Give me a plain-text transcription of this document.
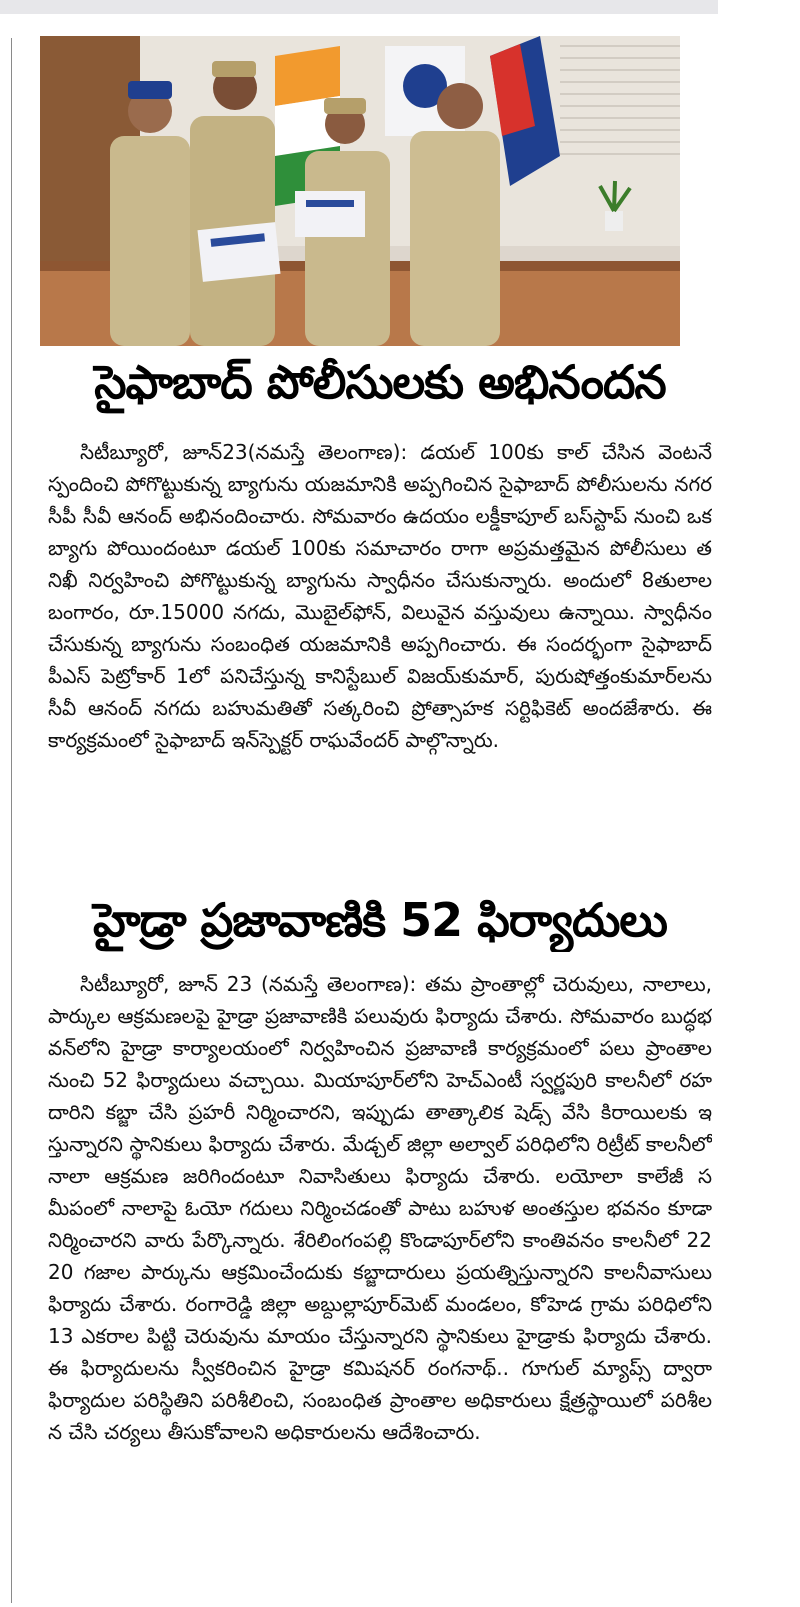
సైఫాబాద్ పోలీసులకు అభినందన
సిటీబ్యూరో, జూన్23(నమస్తే తెలంగాణ): డయల్ 100కు కాల్ చేసిన వెంటనే స్పందించి పోగొట్టుకున్న బ్యాగును యజమానికి అప్పగించిన సైఫాబాద్ పోలీసులను నగర సీపీ సీవీ ఆనంద్ అభినందించారు. సోమవారం ఉదయం లక్డీకాపూల్ బస్‌స్టాప్ నుంచి ఒక బ్యాగు పోయిందంటూ డయల్ 100కు సమాచారం రాగా అప్రమత్తమైన పోలీసులు తనిఖీ నిర్వహించి పోగొట్టుకున్న బ్యాగును స్వాధీనం చేసుకున్నారు. అందులో 8తులాల బంగారం, రూ.15000 నగదు, మొబైల్‌ఫోన్, విలువైన వస్తువులు ఉన్నాయి. స్వాధీనం చేసుకున్న బ్యాగును సంబంధిత యజమానికి అప్పగించారు. ఈ సందర్భంగా సైఫాబాద్ పీఎస్ పెట్రోకార్ 1లో పనిచేస్తున్న కానిస్టేబుల్ విజయ్‌కుమార్, పురుషోత్తంకుమార్‌లను సీవీ ఆనంద్ నగదు బహుమతితో సత్కరించి ప్రోత్సాహక సర్టిఫికెట్ అందజేశారు. ఈ కార్యక్రమంలో సైఫాబాద్ ఇన్‌స్పెక్టర్ రాఘవేందర్ పాల్గొన్నారు.
హైడ్రా ప్రజావాణికి 52 ఫిర్యాదులు
సిటీబ్యూరో, జూన్ 23 (నమస్తే తెలంగాణ): తమ ప్రాంతాల్లో చెరువులు, నాలాలు, పార్కుల ఆక్రమణలపై హైడ్రా ప్రజావాణికి పలువురు ఫిర్యాదు చేశారు. సోమవారం బుద్ధభవన్‌లోని హైడ్రా కార్యాలయంలో నిర్వహించిన ప్రజావాణి కార్యక్రమంలో పలు ప్రాంతాల నుంచి 52 ఫిర్యాదులు వచ్చాయి. మియాపూర్‌లోని హెచ్ఎంటీ స్వర్ణపురి కాలనీలో రహదారిని కబ్జా చేసి ప్రహరీ నిర్మించారని, ఇప్పుడు తాత్కాలిక షెడ్స్ వేసి కిరాయిలకు ఇస్తున్నారని స్థానికులు ఫిర్యాదు చేశారు. మేడ్చల్ జిల్లా అల్వాల్ పరిధిలోని రిట్రీట్ కాలనీలో నాలా ఆక్రమణ జరిగిందంటూ నివాసితులు ఫిర్యాదు చేశారు. లయోలా కాలేజీ సమీపంలో నాలాపై ఓయో గదులు నిర్మించడంతో పాటు బహుళ అంతస్తుల భవనం కూడా నిర్మించారని వారు పేర్కొన్నారు. శేరిలింగంపల్లి కొండాపూర్‌లోని కాంతివనం కాలనీలో 2220 గజాల పార్కును ఆక్రమించేందుకు కబ్జాదారులు ప్రయత్నిస్తున్నారని కాలనీవాసులు ఫిర్యాదు చేశారు. రంగారెడ్డి జిల్లా అబ్దుల్లాపూర్‌మెట్ మండలం, కోహెడ గ్రామ పరిధిలోని 13 ఎకరాల పిట్టి చెరువును మాయం చేస్తున్నారని స్థానికులు హైడ్రాకు ఫిర్యాదు చేశారు. ఈ ఫిర్యాదులను స్వీకరించిన హైడ్రా కమిషనర్ రంగనాథ్.. గూగుల్ మ్యాప్స్ ద్వారా ఫిర్యాదుల పరిస్థితిని పరిశీలించి, సంబంధిత ప్రాంతాల అధికారులు క్షేత్రస్థాయిలో పరిశీలన చేసి చర్యలు తీసుకోవాలని అధికారులను ఆదేశించారు.
